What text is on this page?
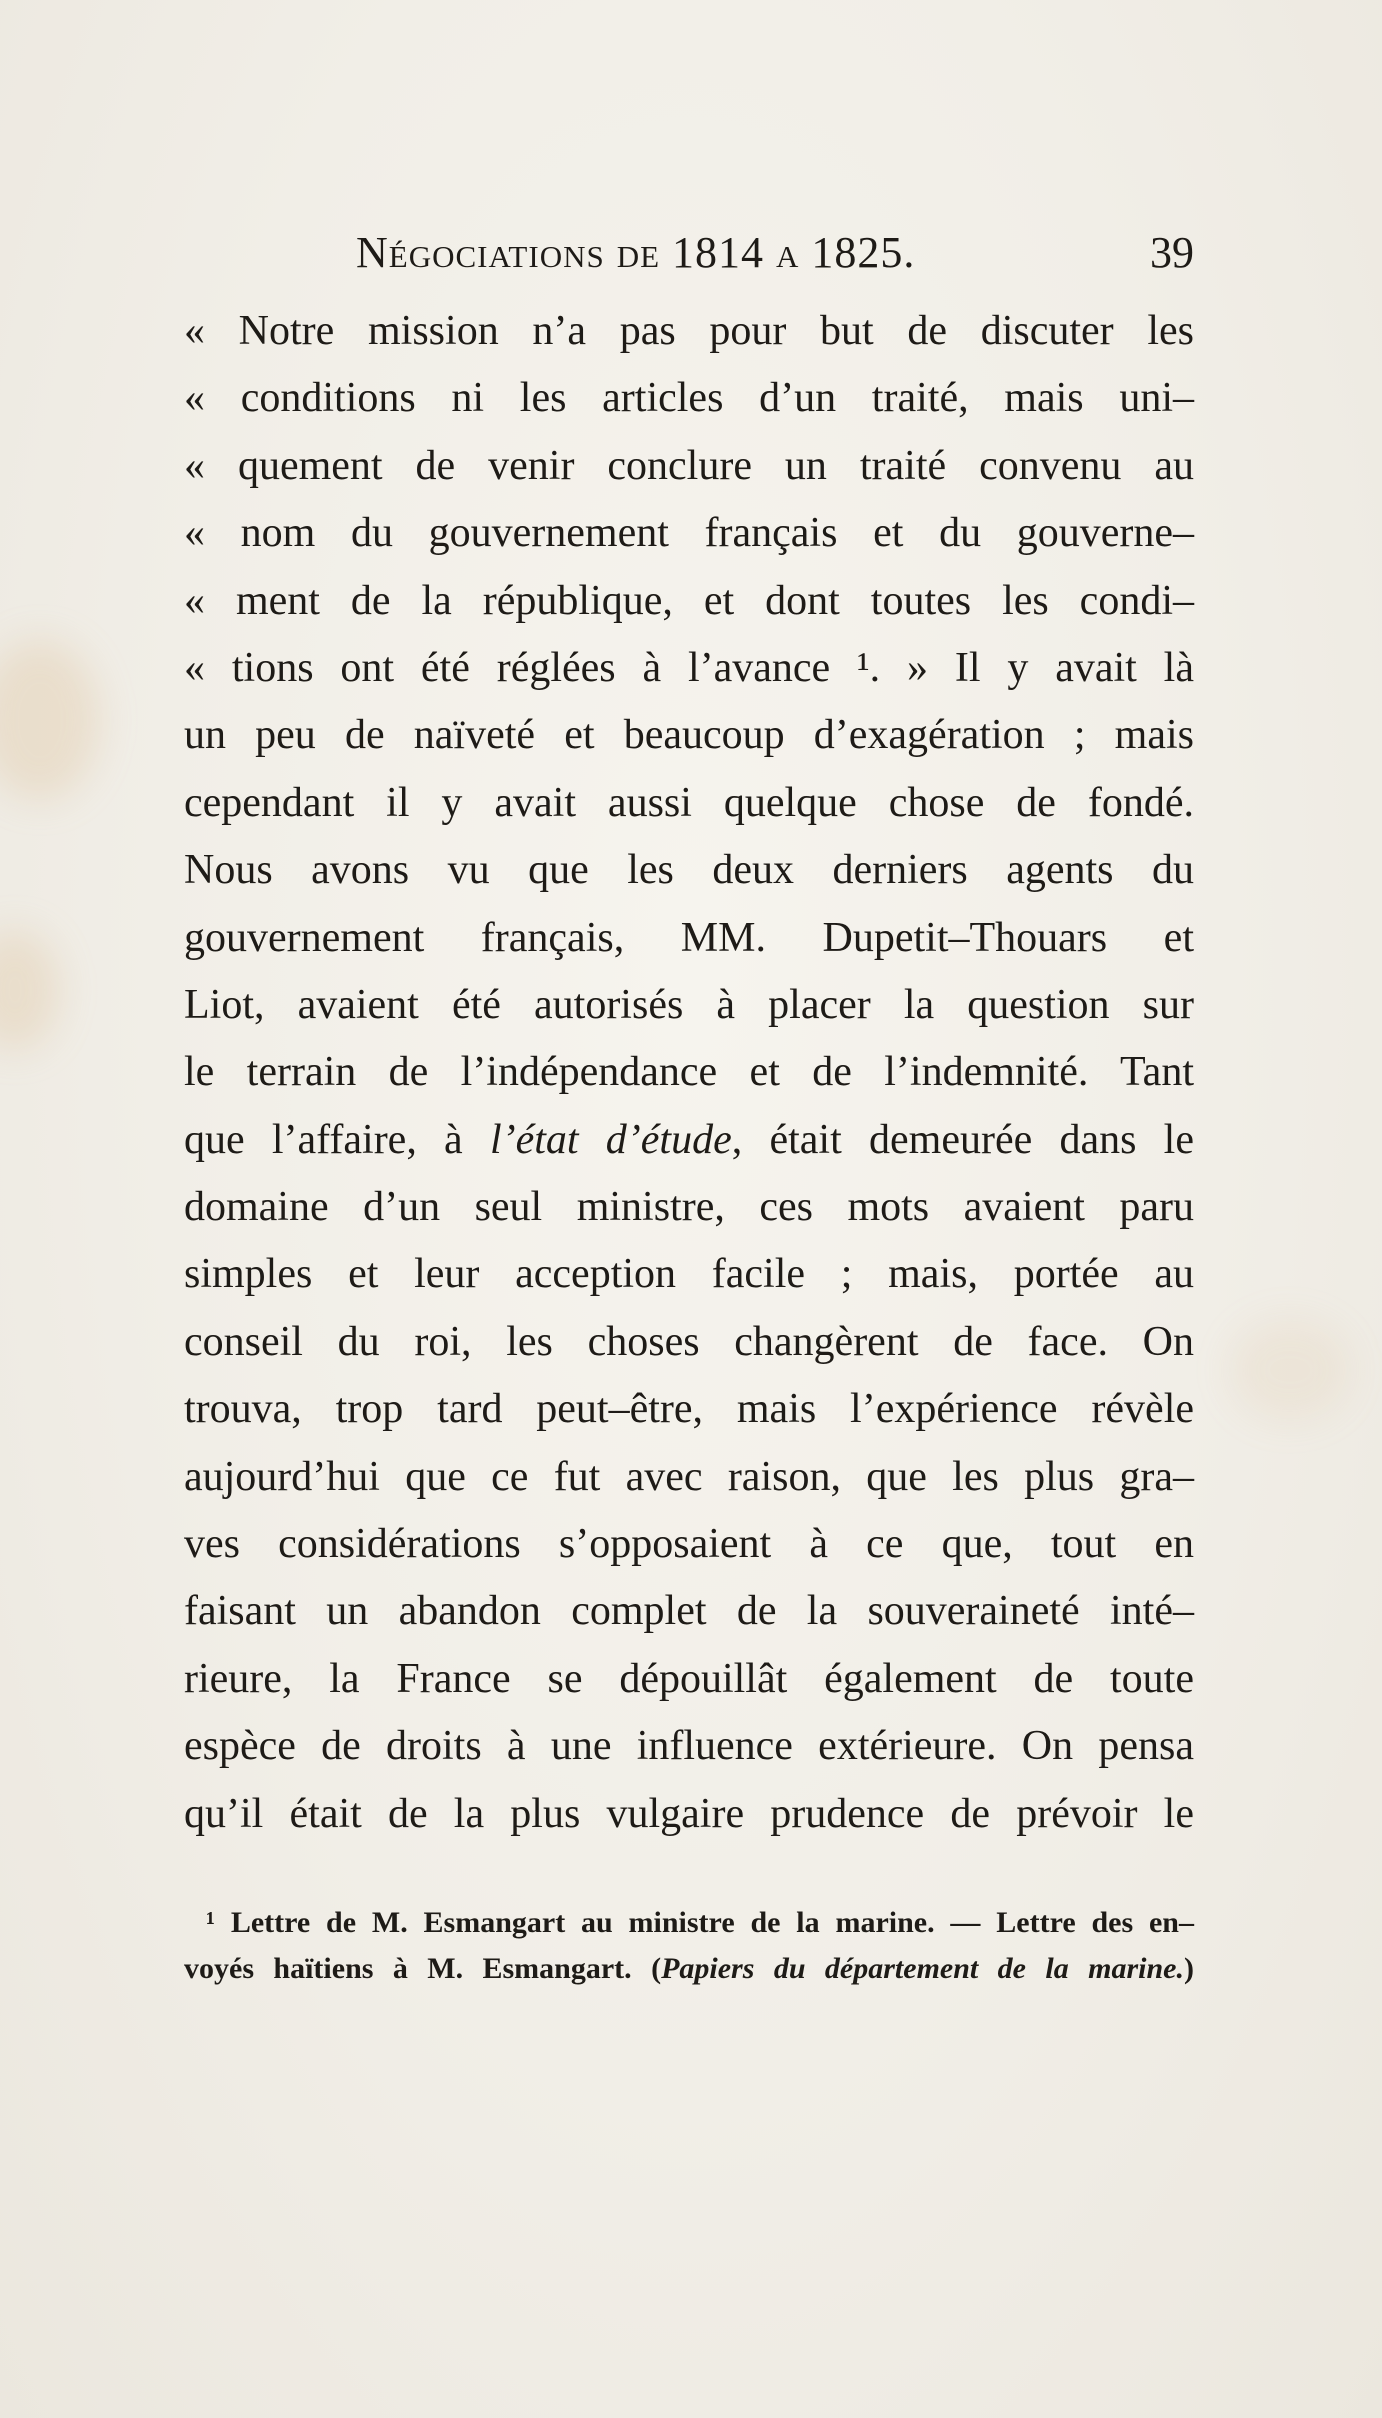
Négociations de 1814 a 1825.	39
« Notre mission n’a pas pour but de discuter les
« conditions ni les articles d’un traité, mais uni–
« quement de venir conclure un traité convenu au
« nom du gouvernement français et du gouverne–
« ment de la république, et dont toutes les condi–
« tions ont été réglées à l’avance ¹. » Il y avait là
un peu de naïveté et beaucoup d’exagération ; mais
cependant il y avait aussi quelque chose de fondé.
Nous avons vu que les deux derniers agents du
gouvernement français, MM. Dupetit–Thouars et
Liot, avaient été autorisés à placer la question sur
le terrain de l’indépendance et de l’indemnité. Tant
que l’affaire, à l’état d’étude, était demeurée dans le
domaine d’un seul ministre, ces mots avaient paru
simples et leur acception facile ; mais, portée au
conseil du roi, les choses changèrent de face. On
trouva, trop tard peut–être, mais l’expérience révèle
aujourd’hui que ce fut avec raison, que les plus gra–
ves considérations s’opposaient à ce que, tout en
faisant un abandon complet de la souveraineté inté–
rieure, la France se dépouillât également de toute
espèce de droits à une influence extérieure. On pensa
qu’il était de la plus vulgaire prudence de prévoir le
¹ Lettre de M. Esmangart au ministre de la marine. — Lettre des en–
voyés haïtiens à M. Esmangart. (Papiers du département de la marine.)
